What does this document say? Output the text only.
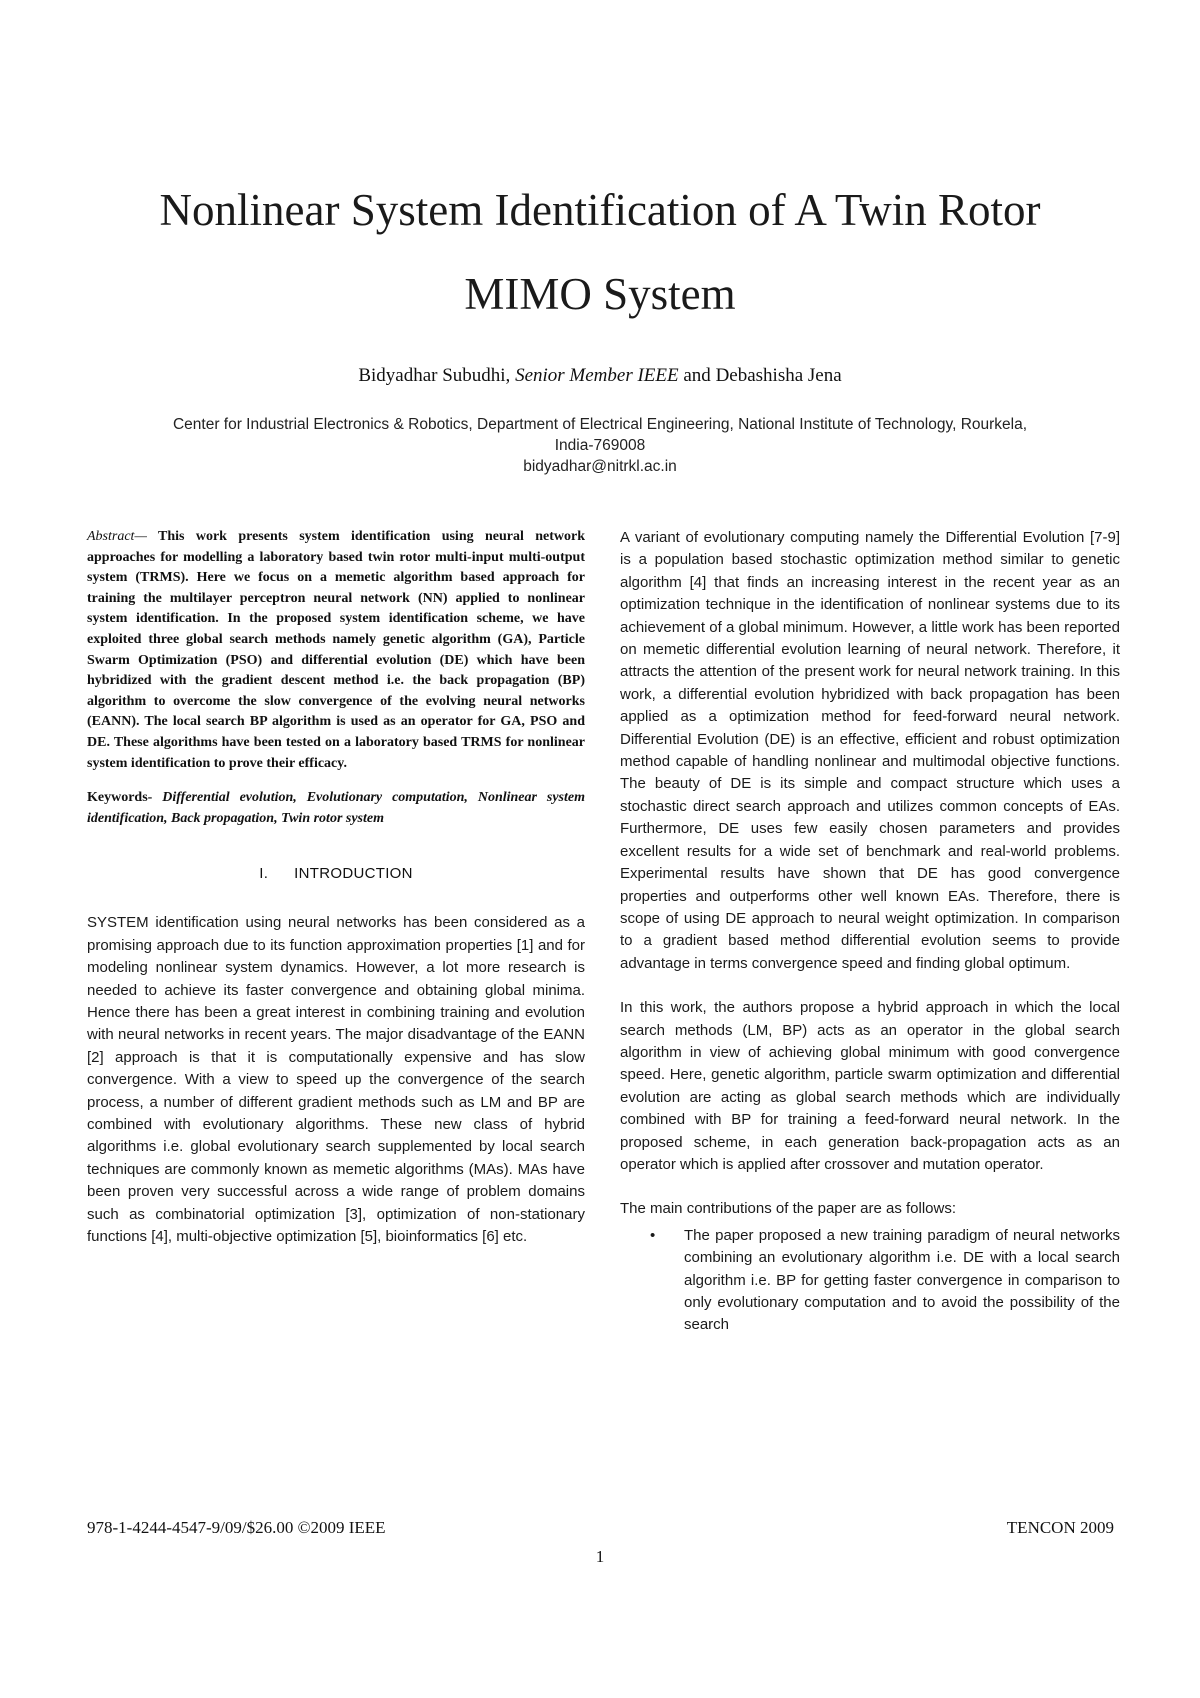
Nonlinear System Identification of A Twin Rotor
MIMO System

Bidyadhar Subudhi, Senior Member IEEE and Debashisha Jena

Center for Industrial Electronics & Robotics, Department of Electrical Engineering, National Institute of Technology, Rourkela,
India-769008
bidyadhar@nitrkl.ac.in

Abstract— This work presents system identification using neural network approaches for modelling a laboratory based twin rotor multi-input multi-output system (TRMS). Here we focus on a memetic algorithm based approach for training the multilayer perceptron neural network (NN) applied to nonlinear system identification. In the proposed system identification scheme, we have exploited three global search methods namely genetic algorithm (GA), Particle Swarm Optimization (PSO) and differential evolution (DE) which have been hybridized with the gradient descent method i.e. the back propagation (BP) algorithm to overcome the slow convergence of the evolving neural networks (EANN). The local search BP algorithm is used as an operator for GA, PSO and DE. These algorithms have been tested on a laboratory based TRMS for nonlinear system identification to prove their efficacy.

Keywords- Differential evolution, Evolutionary computation, Nonlinear system identification, Back propagation, Twin rotor system

I. INTRODUCTION

SYSTEM identification using neural networks has been considered as a promising approach due to its function approximation properties [1] and for modeling nonlinear system dynamics. However, a lot more research is needed to achieve its faster convergence and obtaining global minima. Hence there has been a great interest in combining training and evolution with neural networks in recent years. The major disadvantage of the EANN [2] approach is that it is computationally expensive and has slow convergence. With a view to speed up the convergence of the search process, a number of different gradient methods such as LM and BP are combined with evolutionary algorithms. These new class of hybrid algorithms i.e. global evolutionary search supplemented by local search techniques are commonly known as memetic algorithms (MAs). MAs have been proven very successful across a wide range of problem domains such as combinatorial optimization [3], optimization of non-stationary functions [4], multi-objective optimization [5], bioinformatics [6] etc.

A variant of evolutionary computing namely the Differential Evolution [7-9] is a population based stochastic optimization method similar to genetic algorithm [4] that finds an increasing interest in the recent year as an optimization technique in the identification of nonlinear systems due to its achievement of a global minimum. However, a little work has been reported on memetic differential evolution learning of neural network. Therefore, it attracts the attention of the present work for neural network training. In this work, a differential evolution hybridized with back propagation has been applied as a optimization method for feed-forward neural network. Differential Evolution (DE) is an effective, efficient and robust optimization method capable of handling nonlinear and multimodal objective functions. The beauty of DE is its simple and compact structure which uses a stochastic direct search approach and utilizes common concepts of EAs. Furthermore, DE uses few easily chosen parameters and provides excellent results for a wide set of benchmark and real-world problems. Experimental results have shown that DE has good convergence properties and outperforms other well known EAs. Therefore, there is scope of using DE approach to neural weight optimization. In comparison to a gradient based method differential evolution seems to provide advantage in terms convergence speed and finding global optimum.

In this work, the authors propose a hybrid approach in which the local search methods (LM, BP) acts as an operator in the global search algorithm in view of achieving global minimum with good convergence speed. Here, genetic algorithm, particle swarm optimization and differential evolution are acting as global search methods which are individually combined with BP for training a feed-forward neural network. In the proposed scheme, in each generation back-propagation acts as an operator which is applied after crossover and mutation operator.

The main contributions of the paper are as follows:

• The paper proposed a new training paradigm of neural networks combining an evolutionary algorithm i.e. DE with a local search algorithm i.e. BP for getting faster convergence in comparison to only evolutionary computation and to avoid the possibility of the search
978-1-4244-4547-9/09/$26.00 ©2009 IEEE	TENCON 2009
1
